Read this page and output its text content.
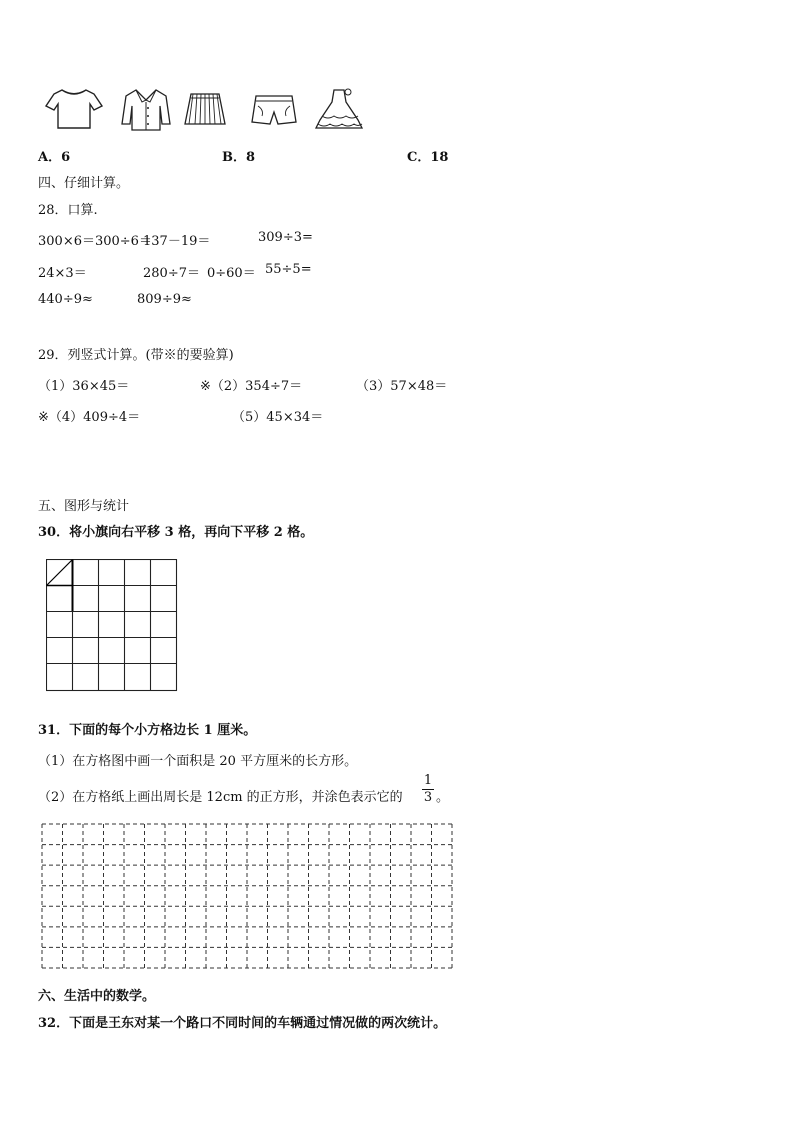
A．6	B．8	C．18
四、仔细计算。
28．口算.
300×6＝300÷6＝
137－19＝	309÷3=
24×3＝	280÷7＝ 0÷60＝ 55÷5=
440÷9≈	809÷9≈
29．列竖式计算。(带※的要验算)
（1）36×45＝	※（2）354÷7＝	（3）57×48＝
※（4）409÷4＝	（5）45×34＝
五、图形与统计
30．将小旗向右平移 3 格，再向下平移 2 格。
31．下面的每个小方格边长 1 厘米。
（1）在方格图中画一个面积是 20 平方厘米的长方形。
（2）在方格纸上画出周长是 12cm 的正方形，并涂色表示它的
1
3 。
六、生活中的数学。
32．下面是王东对某一个路口不同时间的车辆通过情况做的两次统计。
